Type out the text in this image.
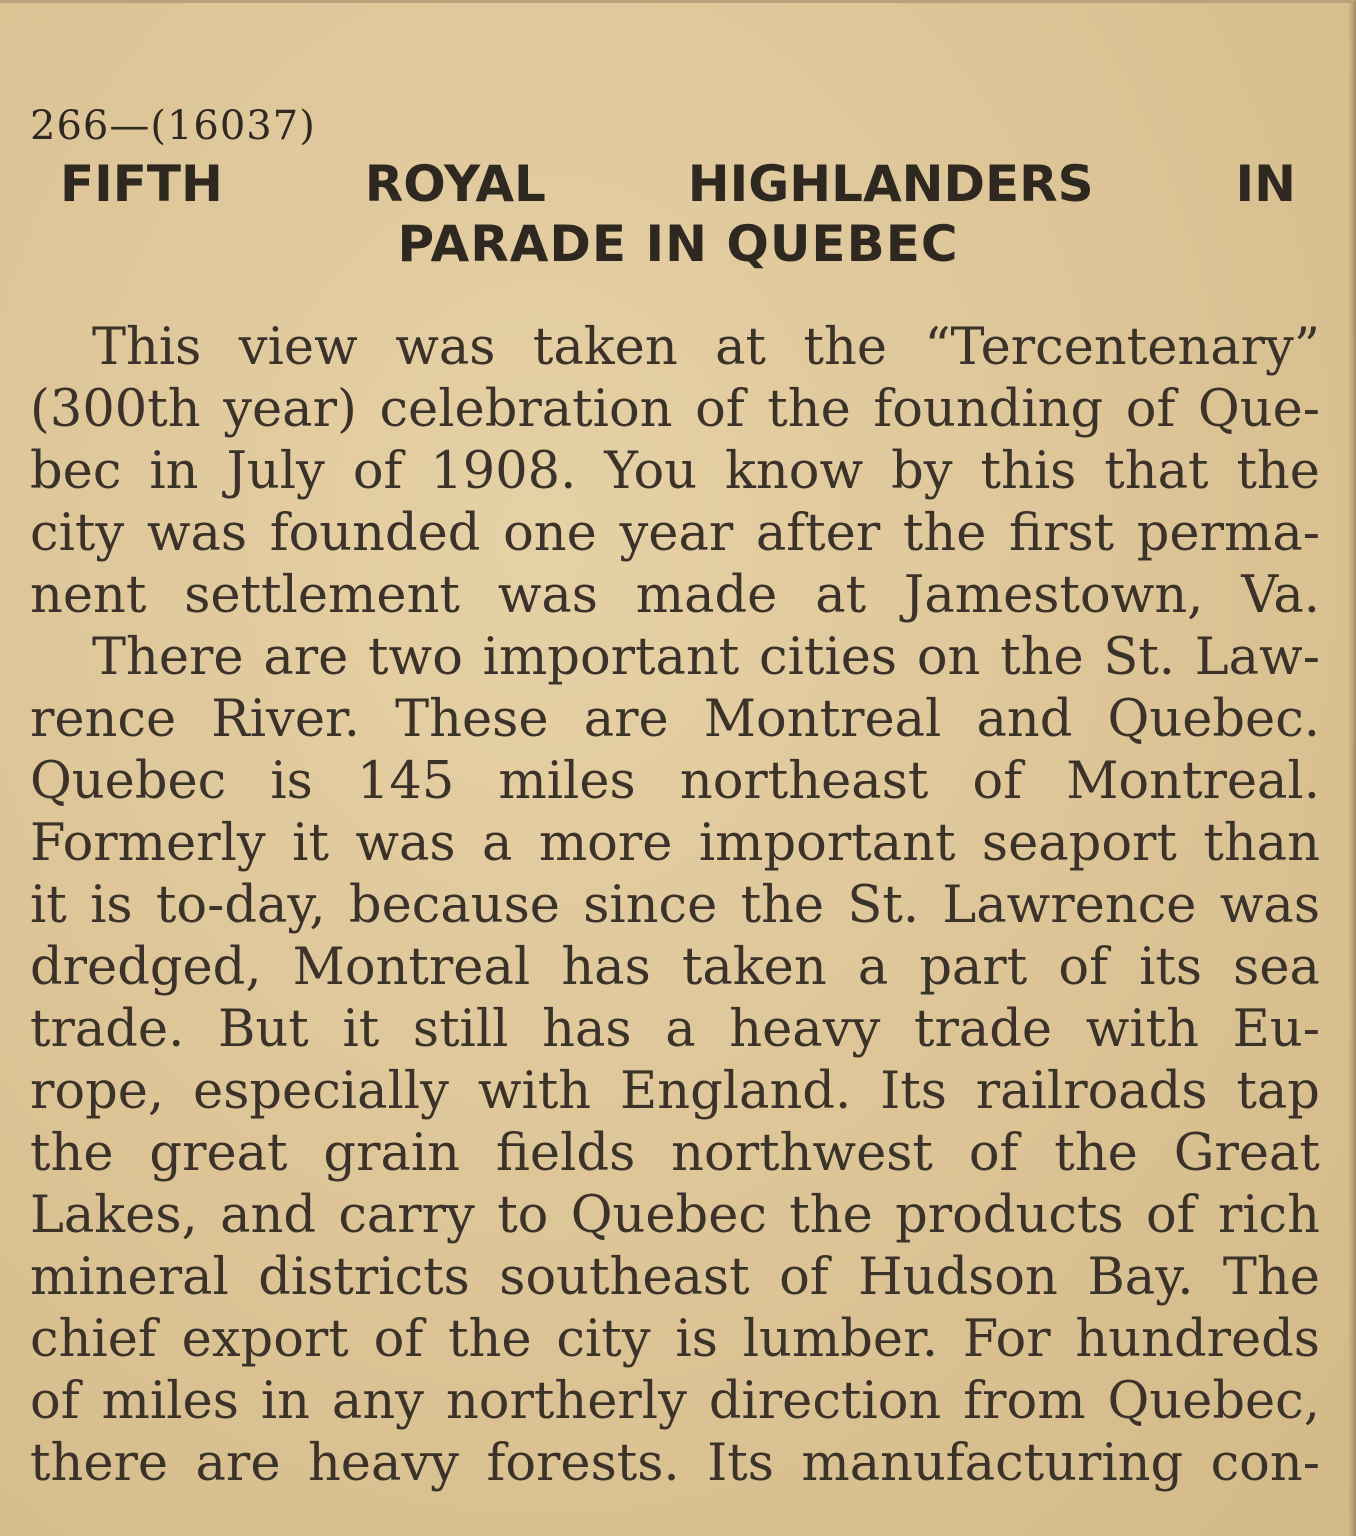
266—(16037)
FIFTH	ROYAL	HIGHLANDERS	IN
PARADE IN QUEBEC
This view was taken at the “Tercentenary”
(300th year) celebration of the founding of Que-
bec in July of 1908. You know by this that the
city was founded one year after the first perma-
nent settlement was made at Jamestown, Va.
There are two important cities on the St. Law-
rence River. These are Montreal and Quebec.
Quebec is 145 miles northeast of Montreal.
Formerly it was a more important seaport than
it is to-day, because since the St. Lawrence was
dredged, Montreal has taken a part of its sea
trade. But it still has a heavy trade with Eu-
rope, especially with England. Its railroads tap
the great grain fields northwest of the Great
Lakes, and carry to Quebec the products of rich
mineral districts southeast of Hudson Bay. The
chief export of the city is lumber. For hundreds
of miles in any northerly direction from Quebec,
there are heavy forests. Its manufacturing con-
